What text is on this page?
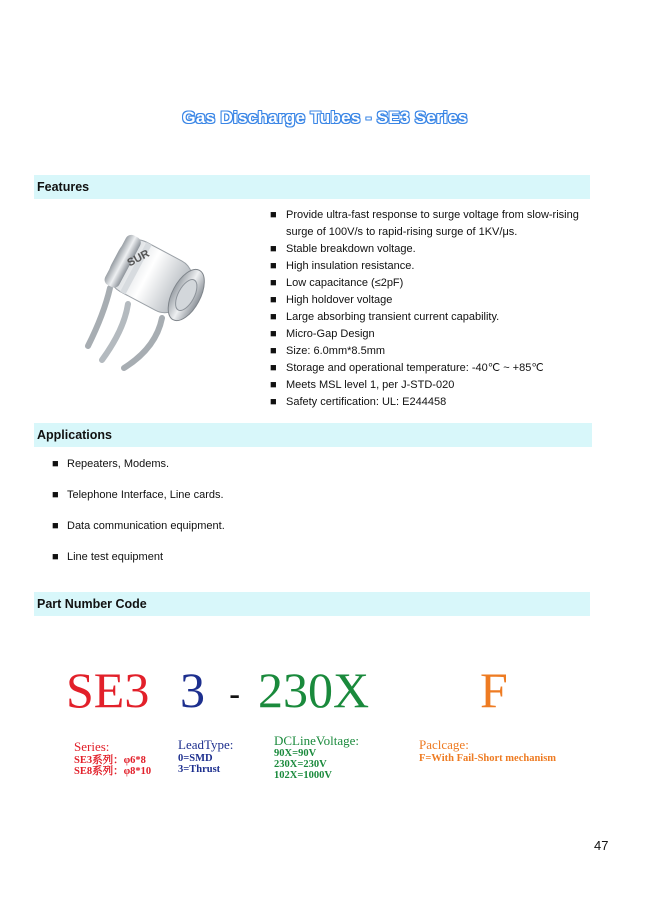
Gas Discharge Tubes - SE3 Series
Features
SUR
■ Provide ultra-fast response to surge voltage from slow-rising
surge of 100V/s to rapid-rising surge of 1KV/μs.
■ Stable breakdown voltage.
■ High insulation resistance.
■ Low capacitance (≤2pF)
■ High holdover voltage
■ Large absorbing transient current capability.
■ Micro-Gap Design
■ Size: 6.0mm*8.5mm
■ Storage and operational temperature: -40℃ ~ +85℃
■ Meets MSL level 1, per J-STD-020
■ Safety certification: UL: E244458
Applications
■ Repeaters, Modems.
■ Telephone Interface, Line cards.
■ Data communication equipment.
■ Line test equipment
Part Number Code
SE3 3 - 230X F
Series:
SE3系列：φ6*8
SE8系列：φ8*10
LeadType:
0=SMD
3=Thrust
DCLineVoltage:
90X=90V
230X=230V
102X=1000V
Paclcage:
F=With Fail-Short mechanism
47
